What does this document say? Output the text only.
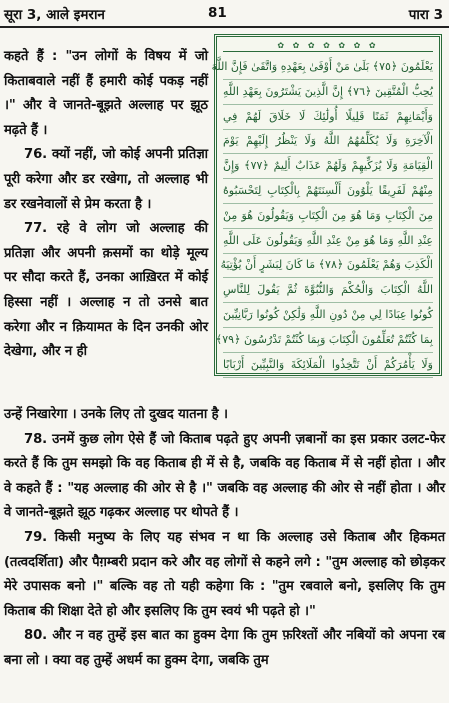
सूरा 3, आले इमरान	81	पारा 3

कहते हैं : "उन लोगों के विषय में जो किताबवाले नहीं हैं हमारी कोई पकड़ नहीं ।" और वे जानते-बूझते अल्लाह पर झूठ मढ़ते हैं ।

76. क्यों नहीं, जो कोई अपनी प्रतिज्ञा पूरी करेगा और डर रखेगा, तो अल्लाह भी डर रखनेवालों से प्रेम करता है ।

77. रहे वे लोग जो अल्लाह की प्रतिज्ञा और अपनी क़समों का थोड़े मूल्य पर सौदा करते हैं, उनका आख़िरत में कोई हिस्सा नहीं । अल्लाह न तो उनसे बात करेगा और न क़ियामत के दिन उनकी ओर देखेगा, और न ही

✿ ✿ ✿ ✿ ✿ ✿ ✿
يَعْلَمُونَ ﴿٧٥﴾ بَلَىٰ مَنْ أَوْفَىٰ بِعَهْدِهِ وَاتَّقَىٰ فَإِنَّ اللَّهَ
يُحِبُّ الْمُتَّقِينَ ﴿٧٦﴾ إِنَّ الَّذِينَ يَشْتَرُونَ بِعَهْدِ اللَّهِ
وَأَيْمَانِهِمْ ثَمَنًا قَلِيلًا أُولَٰئِكَ لَا خَلَاقَ لَهُمْ فِي
الْآخِرَةِ وَلَا يُكَلِّمُهُمُ اللَّهُ وَلَا يَنْظُرُ إِلَيْهِمْ يَوْمَ
الْقِيَامَةِ وَلَا يُزَكِّيهِمْ وَلَهُمْ عَذَابٌ أَلِيمٌ ﴿٧٧﴾ وَإِنَّ
مِنْهُمْ لَفَرِيقًا يَلْوُونَ أَلْسِنَتَهُمْ بِالْكِتَابِ لِتَحْسَبُوهُ
مِنَ الْكِتَابِ وَمَا هُوَ مِنَ الْكِتَابِ وَيَقُولُونَ هُوَ مِنْ
عِنْدِ اللَّهِ وَمَا هُوَ مِنْ عِنْدِ اللَّهِ وَيَقُولُونَ عَلَى اللَّهِ
الْكَذِبَ وَهُمْ يَعْلَمُونَ ﴿٧٨﴾ مَا كَانَ لِبَشَرٍ أَنْ يُؤْتِيَهُ
اللَّهُ الْكِتَابَ وَالْحُكْمَ وَالنُّبُوَّةَ ثُمَّ يَقُولَ لِلنَّاسِ
كُونُوا عِبَادًا لِي مِنْ دُونِ اللَّهِ وَلَٰكِنْ كُونُوا رَبَّانِيِّينَ
بِمَا كُنْتُمْ تُعَلِّمُونَ الْكِتَابَ وَبِمَا كُنْتُمْ تَدْرُسُونَ ﴿٧٩﴾
وَلَا يَأْمُرَكُمْ أَنْ تَتَّخِذُوا الْمَلَائِكَةَ وَالنَّبِيِّينَ أَرْبَابًا

उन्हें निखारेगा । उनके लिए तो दुखद यातना है ।

78. उनमें कुछ लोग ऐसे हैं जो किताब पढ़ते हुए अपनी ज़बानों का इस प्रकार उलट-फेर करते हैं कि तुम समझो कि वह किताब ही में से है, जबकि वह किताब में से नहीं होता । और वे कहते हैं : "यह अल्लाह की ओर से है ।" जबकि वह अल्लाह की ओर से नहीं होता । और वे जानते-बूझते झूठ गढ़कर अल्लाह पर थोपते हैं ।

79. किसी मनुष्य के लिए यह संभव न था कि अल्लाह उसे किताब और हिकमत (तत्वदर्शिता) और पैग़म्बरी प्रदान करे और वह लोगों से कहने लगे : "तुम अल्लाह को छोड़कर मेरे उपासक बनो ।" बल्कि वह तो यही कहेगा कि : "तुम रबवाले बनो, इसलिए कि तुम किताब की शिक्षा देते हो और इसलिए कि तुम स्वयं भी पढ़ते हो ।"

80. और न वह तुम्हें इस बात का हुक्म देगा कि तुम फ़रिश्तों और नबियों को अपना रब बना लो । क्या वह तुम्हें अधर्म का हुक्म देगा, जबकि तुम
